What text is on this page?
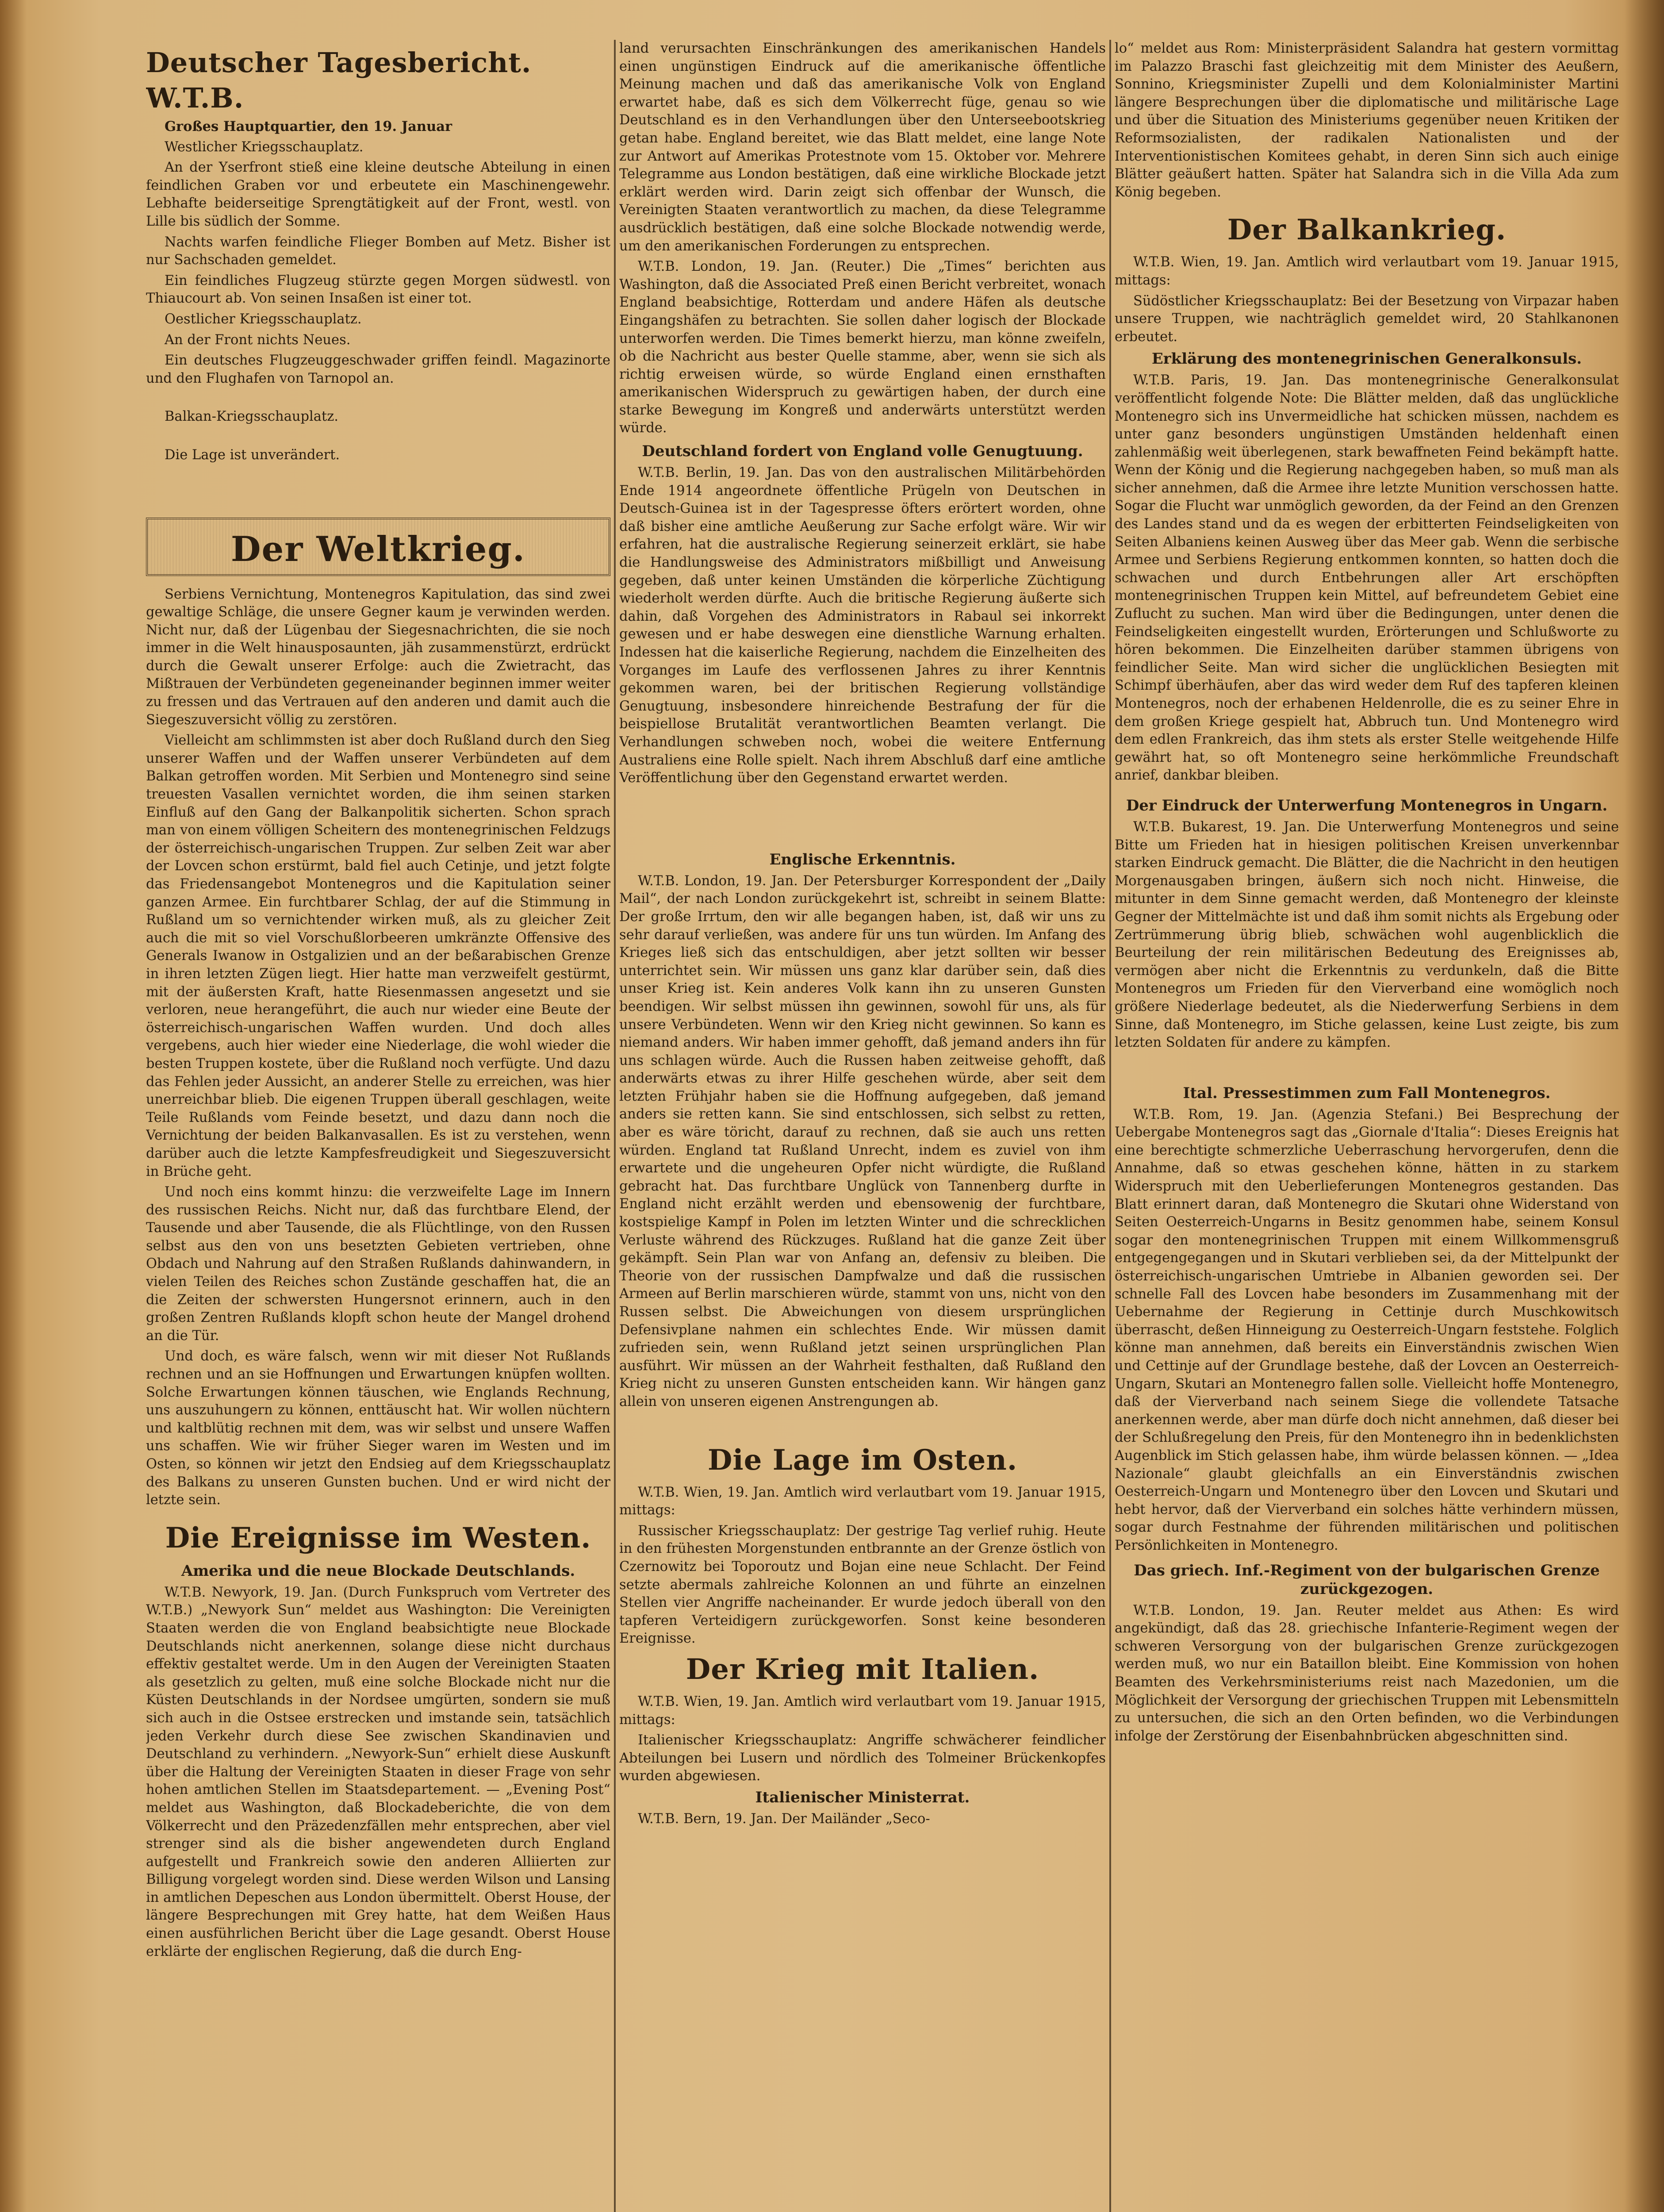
Deutscher Tagesbericht. W.T.B.

Großes Hauptquartier, den 19. Januar

Westlicher Kriegsschauplatz.

An der Yserfront stieß eine kleine deutsche Abteilung in einen feindlichen Graben vor und erbeutete ein Maschinengewehr. Lebhafte beiderseitige Sprengtätigkeit auf der Front, westl. von Lille bis südlich der Somme.

Nachts warfen feindliche Flieger Bomben auf Metz. Bisher ist nur Sachschaden gemeldet.

Ein feindliches Flugzeug stürzte gegen Morgen südwestl. von Thiaucourt ab. Von seinen Insaßen ist einer tot.

Oestlicher Kriegsschauplatz.

An der Front nichts Neues.

Ein deutsches Flugzeuggeschwader griffen feindl. Magazinorte und den Flughafen von Tarnopol an.

Balkan-Kriegsschauplatz.

Die Lage ist unverändert.

Der Weltkrieg.

Serbiens Vernichtung, Montenegros Kapitulation, das sind zwei gewaltige Schläge, die unsere Gegner kaum je verwinden werden. Nicht nur, daß der Lügenbau der Siegesnachrichten, die sie noch immer in die Welt hinausposaunten, jäh zusammenstürzt, erdrückt durch die Gewalt unserer Erfolge: auch die Zwietracht, das Mißtrauen der Verbündeten gegeneinander beginnen immer weiter zu fressen und das Vertrauen auf den anderen und damit auch die Siegeszuversicht völlig zu zerstören.

Vielleicht am schlimmsten ist aber doch Rußland durch den Sieg unserer Waffen und der Waffen unserer Verbündeten auf dem Balkan getroffen worden. Mit Serbien und Montenegro sind seine treuesten Vasallen vernichtet worden, die ihm seinen starken Einfluß auf den Gang der Balkanpolitik sicherten. Schon sprach man von einem völligen Scheitern des montenegrinischen Feldzugs der österreichisch-ungarischen Truppen. Zur selben Zeit war aber der Lovcen schon erstürmt, bald fiel auch Cetinje, und jetzt folgte das Friedensangebot Montenegros und die Kapitulation seiner ganzen Armee. Ein furchtbarer Schlag, der auf die Stimmung in Rußland um so vernichtender wirken muß, als zu gleicher Zeit auch die mit so viel Vorschußlorbeeren umkränzte Offensive des Generals Iwanow in Ostgalizien und an der beßarabischen Grenze in ihren letzten Zügen liegt. Hier hatte man verzweifelt gestürmt, mit der äußersten Kraft, hatte Riesenmassen angesetzt und sie verloren, neue herangeführt, die auch nur wieder eine Beute der österreichisch-ungarischen Waffen wurden. Und doch alles vergebens, auch hier wieder eine Niederlage, die wohl wieder die besten Truppen kostete, über die Rußland noch verfügte. Und dazu das Fehlen jeder Aussicht, an anderer Stelle zu erreichen, was hier unerreichbar blieb. Die eigenen Truppen überall geschlagen, weite Teile Rußlands vom Feinde besetzt, und dazu dann noch die Vernichtung der beiden Balkanvasallen. Es ist zu verstehen, wenn darüber auch die letzte Kampfesfreudigkeit und Siegeszuversicht in Brüche geht.

Und noch eins kommt hinzu: die verzweifelte Lage im Innern des russischen Reichs. Nicht nur, daß das furchtbare Elend, der Tausende und aber Tausende, die als Flüchtlinge, von den Russen selbst aus den von uns besetzten Gebieten vertrieben, ohne Obdach und Nahrung auf den Straßen Rußlands dahinwandern, in vielen Teilen des Reiches schon Zustände geschaffen hat, die an die Zeiten der schwersten Hungersnot erinnern, auch in den großen Zentren Rußlands klopft schon heute der Mangel drohend an die Tür.

Und doch, es wäre falsch, wenn wir mit dieser Not Rußlands rechnen und an sie Hoffnungen und Erwartungen knüpfen wollten. Solche Erwartungen können täuschen, wie Englands Rechnung, uns auszuhungern zu können, enttäuscht hat. Wir wollen nüchtern und kaltblütig rechnen mit dem, was wir selbst und unsere Waffen uns schaffen. Wie wir früher Sieger waren im Westen und im Osten, so können wir jetzt den Endsieg auf dem Kriegsschauplatz des Balkans zu unseren Gunsten buchen. Und er wird nicht der letzte sein.

Die Ereignisse im Westen.

Amerika und die neue Blockade Deutschlands.

W.T.B. Newyork, 19. Jan. (Durch Funkspruch vom Vertreter des W.T.B.) „Newyork Sun“ meldet aus Washington: Die Vereinigten Staaten werden die von England beabsichtigte neue Blockade Deutschlands nicht anerkennen, solange diese nicht durchaus effektiv gestaltet werde. Um in den Augen der Vereinigten Staaten als gesetzlich zu gelten, muß eine solche Blockade nicht nur die Küsten Deutschlands in der Nordsee umgürten, sondern sie muß sich auch in die Ostsee erstrecken und imstande sein, tatsächlich jeden Verkehr durch diese See zwischen Skandinavien und Deutschland zu verhindern. „Newyork-Sun“ erhielt diese Auskunft über die Haltung der Vereinigten Staaten in dieser Frage von sehr hohen amtlichen Stellen im Staatsdepartement. — „Evening Post“ meldet aus Washington, daß Blockadeberichte, die von dem Völkerrecht und den Präzedenzfällen mehr entsprechen, aber viel strenger sind als die bisher angewendeten durch England aufgestellt und Frankreich sowie den anderen Alliierten zur Billigung vorgelegt worden sind. Diese werden Wilson und Lansing in amtlichen Depeschen aus London übermittelt. Oberst House, der längere Besprechungen mit Grey hatte, hat dem Weißen Haus einen ausführlichen Bericht über die Lage gesandt. Oberst House erklärte der englischen Regierung, daß die durch Eng-

land verursachten Einschränkungen des amerikanischen Handels einen ungünstigen Eindruck auf die amerikanische öffentliche Meinung machen und daß das amerikanische Volk von England erwartet habe, daß es sich dem Völkerrecht füge, genau so wie Deutschland es in den Verhandlungen über den Unterseebootskrieg getan habe. England bereitet, wie das Blatt meldet, eine lange Note zur Antwort auf Amerikas Protestnote vom 15. Oktober vor. Mehrere Telegramme aus London bestätigen, daß eine wirkliche Blockade jetzt erklärt werden wird. Darin zeigt sich offenbar der Wunsch, die Vereinigten Staaten verantwortlich zu machen, da diese Telegramme ausdrücklich bestätigen, daß eine solche Blockade notwendig werde, um den amerikanischen Forderungen zu entsprechen.

W.T.B. London, 19. Jan. (Reuter.) Die „Times“ berichten aus Washington, daß die Associated Preß einen Bericht verbreitet, wonach England beabsichtige, Rotterdam und andere Häfen als deutsche Eingangshäfen zu betrachten. Sie sollen daher logisch der Blockade unterworfen werden. Die Times bemerkt hierzu, man könne zweifeln, ob die Nachricht aus bester Quelle stamme, aber, wenn sie sich als richtig erweisen würde, so würde England einen ernsthaften amerikanischen Widerspruch zu gewärtigen haben, der durch eine starke Bewegung im Kongreß und anderwärts unterstützt werden würde.

Deutschland fordert von England volle Genugtuung.

W.T.B. Berlin, 19. Jan. Das von den australischen Militärbehörden Ende 1914 angeordnete öffentliche Prügeln von Deutschen in Deutsch-Guinea ist in der Tagespresse öfters erörtert worden, ohne daß bisher eine amtliche Aeußerung zur Sache erfolgt wäre. Wir wir erfahren, hat die australische Regierung seinerzeit erklärt, sie habe die Handlungsweise des Administrators mißbilligt und Anweisung gegeben, daß unter keinen Umständen die körperliche Züchtigung wiederholt werden dürfte. Auch die britische Regierung äußerte sich dahin, daß Vorgehen des Administrators in Rabaul sei inkorrekt gewesen und er habe deswegen eine dienstliche Warnung erhalten. Indessen hat die kaiserliche Regierung, nachdem die Einzelheiten des Vorganges im Laufe des verflossenen Jahres zu ihrer Kenntnis gekommen waren, bei der britischen Regierung vollständige Genugtuung, insbesondere hinreichende Bestrafung der für die beispiellose Brutalität verantwortlichen Beamten verlangt. Die Verhandlungen schweben noch, wobei die weitere Entfernung Australiens eine Rolle spielt. Nach ihrem Abschluß darf eine amtliche Veröffentlichung über den Gegenstand erwartet werden.

Englische Erkenntnis.

W.T.B. London, 19. Jan. Der Petersburger Korrespondent der „Daily Mail“, der nach London zurückgekehrt ist, schreibt in seinem Blatte: Der große Irrtum, den wir alle begangen haben, ist, daß wir uns zu sehr darauf verließen, was andere für uns tun würden. Im Anfang des Krieges ließ sich das entschuldigen, aber jetzt sollten wir besser unterrichtet sein. Wir müssen uns ganz klar darüber sein, daß dies unser Krieg ist. Kein anderes Volk kann ihn zu unseren Gunsten beendigen. Wir selbst müssen ihn gewinnen, sowohl für uns, als für unsere Verbündeten. Wenn wir den Krieg nicht gewinnen. So kann es niemand anders. Wir haben immer gehofft, daß jemand anders ihn für uns schlagen würde. Auch die Russen haben zeitweise gehofft, daß anderwärts etwas zu ihrer Hilfe geschehen würde, aber seit dem letzten Frühjahr haben sie die Hoffnung aufgegeben, daß jemand anders sie retten kann. Sie sind entschlossen, sich selbst zu retten, aber es wäre töricht, darauf zu rechnen, daß sie auch uns retten würden. England tat Rußland Unrecht, indem es zuviel von ihm erwartete und die ungeheuren Opfer nicht würdigte, die Rußland gebracht hat. Das furchtbare Unglück von Tannenberg durfte in England nicht erzählt werden und ebensowenig der furchtbare, kostspielige Kampf in Polen im letzten Winter und die schrecklichen Verluste während des Rückzuges. Rußland hat die ganze Zeit über gekämpft. Sein Plan war von Anfang an, defensiv zu bleiben. Die Theorie von der russischen Dampfwalze und daß die russischen Armeen auf Berlin marschieren würde, stammt von uns, nicht von den Russen selbst. Die Abweichungen von diesem ursprünglichen Defensivplane nahmen ein schlechtes Ende. Wir müssen damit zufrieden sein, wenn Rußland jetzt seinen ursprünglichen Plan ausführt. Wir müssen an der Wahrheit festhalten, daß Rußland den Krieg nicht zu unseren Gunsten entscheiden kann. Wir hängen ganz allein von unseren eigenen Anstrengungen ab.

Die Lage im Osten.

W.T.B. Wien, 19. Jan. Amtlich wird verlautbart vom 19. Januar 1915, mittags:

Russischer Kriegsschauplatz: Der gestrige Tag verlief ruhig. Heute in den frühesten Morgenstunden entbrannte an der Grenze östlich von Czernowitz bei Toporoutz und Bojan eine neue Schlacht. Der Feind setzte abermals zahlreiche Kolonnen an und führte an einzelnen Stellen vier Angriffe nacheinander. Er wurde jedoch überall von den tapferen Verteidigern zurückgeworfen. Sonst keine besonderen Ereignisse.

Der Krieg mit Italien.

W.T.B. Wien, 19. Jan. Amtlich wird verlautbart vom 19. Januar 1915, mittags:

Italienischer Kriegsschauplatz: Angriffe schwächerer feindlicher Abteilungen bei Lusern und nördlich des Tolmeiner Brückenkopfes wurden abgewiesen.

Italienischer Ministerrat.

W.T.B. Bern, 19. Jan. Der Mailänder „Seco-

lo“ meldet aus Rom: Ministerpräsident Salandra hat gestern vormittag im Palazzo Braschi fast gleichzeitig mit dem Minister des Aeußern, Sonnino, Kriegsminister Zupelli und dem Kolonialminister Martini längere Besprechungen über die diplomatische und militärische Lage und über die Situation des Ministeriums gegenüber neuen Kritiken der Reformsozialisten, der radikalen Nationalisten und der Interventionistischen Komitees gehabt, in deren Sinn sich auch einige Blätter geäußert hatten. Später hat Salandra sich in die Villa Ada zum König begeben.

Der Balkankrieg.

W.T.B. Wien, 19. Jan. Amtlich wird verlautbart vom 19. Januar 1915, mittags:

Südöstlicher Kriegsschauplatz: Bei der Besetzung von Virpazar haben unsere Truppen, wie nachträglich gemeldet wird, 20 Stahlkanonen erbeutet.

Erklärung des montenegrinischen Generalkonsuls.

W.T.B. Paris, 19. Jan. Das montenegrinische Generalkonsulat veröffentlicht folgende Note: Die Blätter melden, daß das unglückliche Montenegro sich ins Unvermeidliche hat schicken müssen, nachdem es unter ganz besonders ungünstigen Umständen heldenhaft einen zahlenmäßig weit überlegenen, stark bewaffneten Feind bekämpft hatte. Wenn der König und die Regierung nachgegeben haben, so muß man als sicher annehmen, daß die Armee ihre letzte Munition verschossen hatte. Sogar die Flucht war unmöglich geworden, da der Feind an den Grenzen des Landes stand und da es wegen der erbitterten Feindseligkeiten von Seiten Albaniens keinen Ausweg über das Meer gab. Wenn die serbische Armee und Serbiens Regierung entkommen konnten, so hatten doch die schwachen und durch Entbehrungen aller Art erschöpften montenegrinischen Truppen kein Mittel, auf befreundetem Gebiet eine Zuflucht zu suchen. Man wird über die Bedingungen, unter denen die Feindseligkeiten eingestellt wurden, Erörterungen und Schlußworte zu hören bekommen. Die Einzelheiten darüber stammen übrigens von feindlicher Seite. Man wird sicher die unglücklichen Besiegten mit Schimpf überhäufen, aber das wird weder dem Ruf des tapferen kleinen Montenegros, noch der erhabenen Heldenrolle, die es zu seiner Ehre in dem großen Kriege gespielt hat, Abbruch tun. Und Montenegro wird dem edlen Frankreich, das ihm stets als erster Stelle weitgehende Hilfe gewährt hat, so oft Montenegro seine herkömmliche Freundschaft anrief, dankbar bleiben.

Der Eindruck der Unterwerfung Montenegros in Ungarn.

W.T.B. Bukarest, 19. Jan. Die Unterwerfung Montenegros und seine Bitte um Frieden hat in hiesigen politischen Kreisen unverkennbar starken Eindruck gemacht. Die Blätter, die die Nachricht in den heutigen Morgenausgaben bringen, äußern sich noch nicht. Hinweise, die mitunter in dem Sinne gemacht werden, daß Montenegro der kleinste Gegner der Mittelmächte ist und daß ihm somit nichts als Ergebung oder Zertrümmerung übrig blieb, schwächen wohl augenblicklich die Beurteilung der rein militärischen Bedeutung des Ereignisses ab, vermögen aber nicht die Erkenntnis zu verdunkeln, daß die Bitte Montenegros um Frieden für den Vierverband eine womöglich noch größere Niederlage bedeutet, als die Niederwerfung Serbiens in dem Sinne, daß Montenegro, im Stiche gelassen, keine Lust zeigte, bis zum letzten Soldaten für andere zu kämpfen.

Ital. Pressestimmen zum Fall Montenegros.

W.T.B. Rom, 19. Jan. (Agenzia Stefani.) Bei Besprechung der Uebergabe Montenegros sagt das „Giornale d'Italia“: Dieses Ereignis hat eine berechtigte schmerzliche Ueberraschung hervorgerufen, denn die Annahme, daß so etwas geschehen könne, hätten in zu starkem Widerspruch mit den Ueberlieferungen Montenegros gestanden. Das Blatt erinnert daran, daß Montenegro die Skutari ohne Widerstand von Seiten Oesterreich-Ungarns in Besitz genommen habe, seinem Konsul sogar den montenegrinischen Truppen mit einem Willkommensgruß entgegengegangen und in Skutari verblieben sei, da der Mittelpunkt der österreichisch-ungarischen Umtriebe in Albanien geworden sei. Der schnelle Fall des Lovcen habe besonders im Zusammenhang mit der Uebernahme der Regierung in Cettinje durch Muschkowitsch überrascht, deßen Hinneigung zu Oesterreich-Ungarn feststehe. Folglich könne man annehmen, daß bereits ein Einverständnis zwischen Wien und Cettinje auf der Grundlage bestehe, daß der Lovcen an Oesterreich-Ungarn, Skutari an Montenegro fallen solle. Vielleicht hoffe Montenegro, daß der Vierverband nach seinem Siege die vollendete Tatsache anerkennen werde, aber man dürfe doch nicht annehmen, daß dieser bei der Schlußregelung den Preis, für den Montenegro ihn in bedenklichsten Augenblick im Stich gelassen habe, ihm würde belassen können. — „Idea Nazionale“ glaubt gleichfalls an ein Einverständnis zwischen Oesterreich-Ungarn und Montenegro über den Lovcen und Skutari und hebt hervor, daß der Vierverband ein solches hätte verhindern müssen, sogar durch Festnahme der führenden militärischen und politischen Persönlichkeiten in Montenegro.

Das griech. Inf.-Regiment von der bulgarischen Grenze zurückgezogen.

W.T.B. London, 19. Jan. Reuter meldet aus Athen: Es wird angekündigt, daß das 28. griechische Infanterie-Regiment wegen der schweren Versorgung von der bulgarischen Grenze zurückgezogen werden muß, wo nur ein Bataillon bleibt. Eine Kommission von hohen Beamten des Verkehrsministeriums reist nach Mazedonien, um die Möglichkeit der Versorgung der griechischen Truppen mit Lebensmitteln zu untersuchen, die sich an den Orten befinden, wo die Verbindungen infolge der Zerstörung der Eisenbahnbrücken abgeschnitten sind.
